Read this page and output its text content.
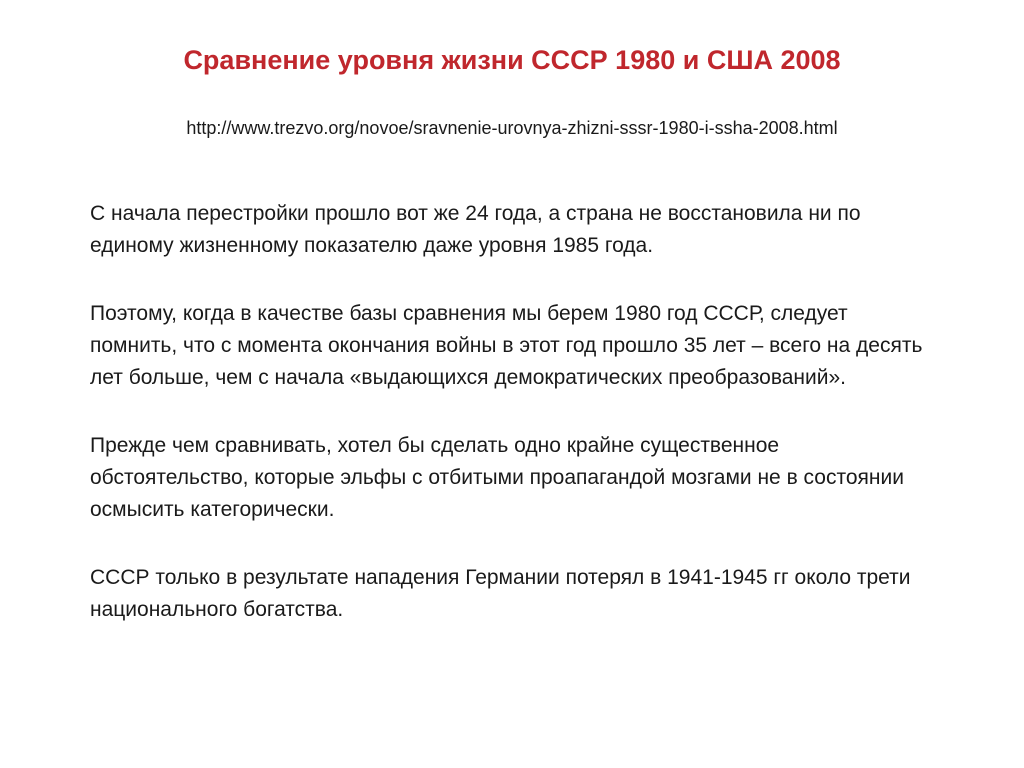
Сравнение уровня жизни СССР 1980 и США 2008

http://www.trezvo.org/novoe/sravnenie-urovnya-zhizni-sssr-1980-i-ssha-2008.html

С начала перестройки прошло вот же 24 года, а страна не восстановила ни по единому жизненному показателю даже уровня 1985 года.

Поэтому, когда в качестве базы сравнения мы берем 1980 год СССР, следует помнить, что с момента окончания войны в этот год прошло 35 лет – всего на десять лет больше, чем с начала «выдающихся демократических преобразований».

Прежде чем сравнивать, хотел бы сделать одно крайне существенное обстоятельство, которые эльфы с отбитыми проапагандой мозгами не в состоянии осмысить категорически.

СССР только в результате нападения Германии потерял в 1941-1945 гг около трети национального богатства.
